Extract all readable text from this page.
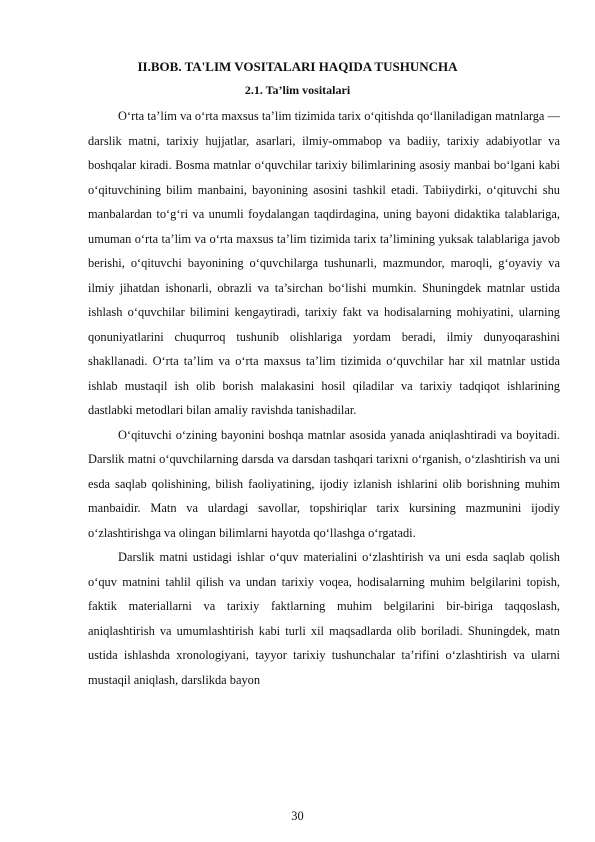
II.BOB. TA'LIM VOSITALARI HAQIDA TUSHUNCHA
2.1. Ta’lim vositalari

O‘rta ta’lim va o‘rta maxsus ta’lim tizimida tarix o‘qitishda qo‘llaniladigan matnlarga — darslik matni, tarixiy hujjatlar, asarlari, ilmiy-ommabop va badiiy, tarixiy adabiyotlar va boshqalar kiradi. Bosma matnlar o‘quvchilar tarixiy bilimlarining asosiy manbai bo‘lgani kabi o‘qituvchining bilim manbaini, bayonining asosini tashkil etadi. Tabiiydirki, o‘qituvchi shu manbalardan to‘g‘ri va unumli foydalangan taqdirdagina, uning bayoni didaktika talablariga, umuman o‘rta ta’lim va o‘rta maxsus ta’lim tizimida tarix ta’limining yuksak talablariga javob berishi, o‘qituvchi bayonining o‘quvchilarga tushunarli, mazmundor, maroqli, g‘oyaviy va ilmiy jihatdan ishonarli, obrazli va ta’sirchan bo‘lishi mumkin. Shuningdek matnlar ustida ishlash o‘quvchilar bilimini kengaytiradi, tarixiy fakt va hodisalarning mohiyatini, ularning qonuniyatlarini chuqurroq tushunib olishlariga yordam beradi, ilmiy dunyoqarashini shakllanadi. O‘rta ta’lim va o‘rta maxsus ta’lim tizimida o‘quvchilar har xil matnlar ustida ishlab mustaqil ish olib borish malakasini hosil qiladilar va tarixiy tadqiqot ishlarining dastlabki metodlari bilan amaliy ravishda tanishadilar.

O‘qituvchi o‘zining bayonini boshqa matnlar asosida yanada aniqlashtiradi va boyitadi. Darslik matni o‘quvchilarning darsda va darsdan tashqari tarixni o‘rganish, o‘zlashtirish va uni esda saqlab qolishining, bilish faoliyatining, ijodiy izlanish ishlarini olib borishning muhim manbaidir. Matn va ulardagi savollar, topshiriqlar tarix kursining mazmunini ijodiy o‘zlashtirishga va olingan bilimlarni hayotda qo‘llashga o‘rgatadi.

Darslik matni ustidagi ishlar o‘quv materialini o‘zlashtirish va uni esda saqlab qolish o‘quv matnini tahlil qilish va undan tarixiy voqea, hodisalarning muhim belgilarini topish, faktik materiallarni va tarixiy faktlarning muhim belgilarini bir-biriga taqqoslash, aniqlashtirish va umumlashtirish kabi turli xil maqsadlarda olib boriladi. Shuningdek, matn ustida ishlashda xronologiyani, tayyor tarixiy tushunchalar ta’rifini o‘zlashtirish va ularni mustaqil aniqlash, darslikda bayon

30
